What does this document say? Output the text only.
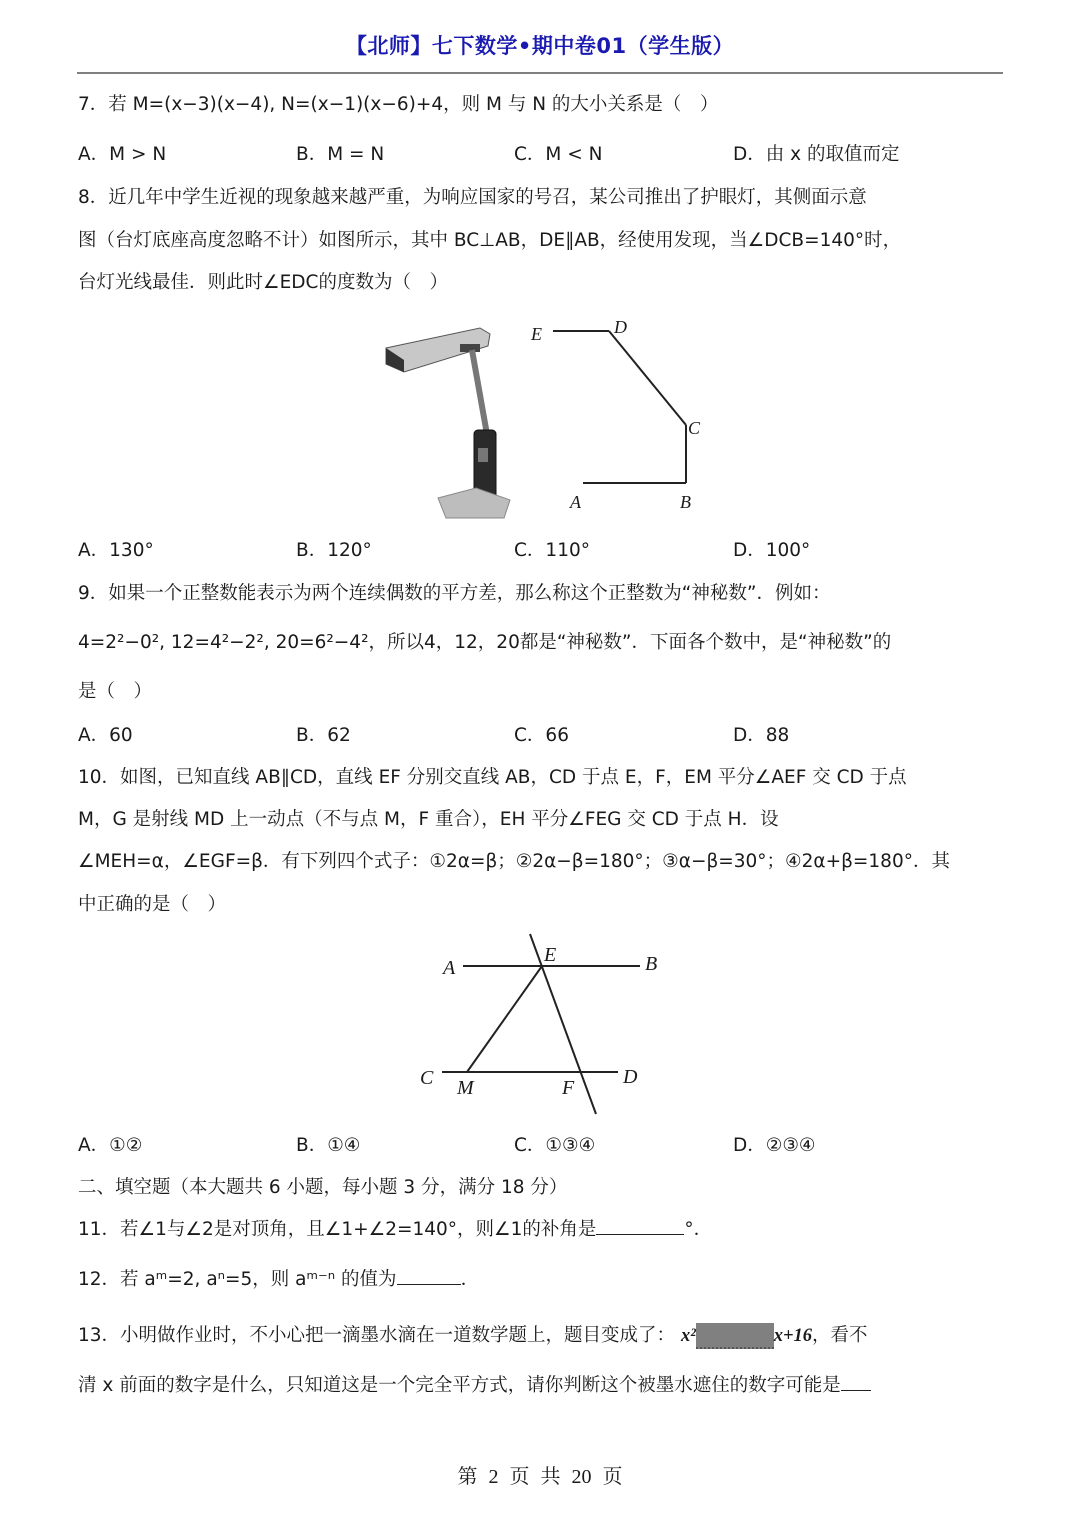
【北师】七下数学•期中卷01（学生版）
7．若 M=(x−3)(x−4), N=(x−1)(x−6)+4，则 M 与 N 的大小关系是（　）
A．M > N	B．M = N	C．M < N	D．由 x 的取值而定
8．近几年中学生近视的现象越来越严重，为响应国家的号召，某公司推出了护眼灯，其侧面示意
图（台灯底座高度忽略不计）如图所示，其中 BC⊥AB，DE∥AB，经使用发现，当∠DCB=140°时，
台灯光线最佳．则此时∠EDC的度数为（　）
E	D
C
A	B
A．130°	B．120°	C．110°	D．100°
9．如果一个正整数能表示为两个连续偶数的平方差，那么称这个正整数为“神秘数”．例如：
4=2²−0², 12=4²−2², 20=6²−4²，所以4，12，20都是“神秘数”．下面各个数中，是“神秘数”的
是（　）
A．60	B．62	C．66	D．88
10．如图，已知直线 AB∥CD，直线 EF 分别交直线 AB，CD 于点 E，F，EM 平分∠AEF 交 CD 于点
M，G 是射线 MD 上一动点（不与点 M，F 重合），EH 平分∠FEG 交 CD 于点 H．设
∠MEH=α，∠EGF=β．有下列四个式子：①2α=β；②2α−β=180°；③α−β=30°；④2α+β=180°．其
中正确的是（　）
A
E	B
C M	F D
A．①②	B．①④	C．①③④	D．②③④
二、填空题（本大题共 6 小题，每小题 3 分，满分 18 分）
11．若∠1与∠2是对顶角，且∠1+∠2=140°，则∠1的补角是	°．
12．若 aᵐ=2, aⁿ=5，则 aᵐ⁻ⁿ 的值为	．
13．小明做作业时，不小心把一滴墨水滴在一道数学题上，题目变成了： x²	x+16，看不
清 x 前面的数字是什么，只知道这是一个完全平方式，请你判断这个被墨水遮住的数字可能是
第 2 页 共 20 页
